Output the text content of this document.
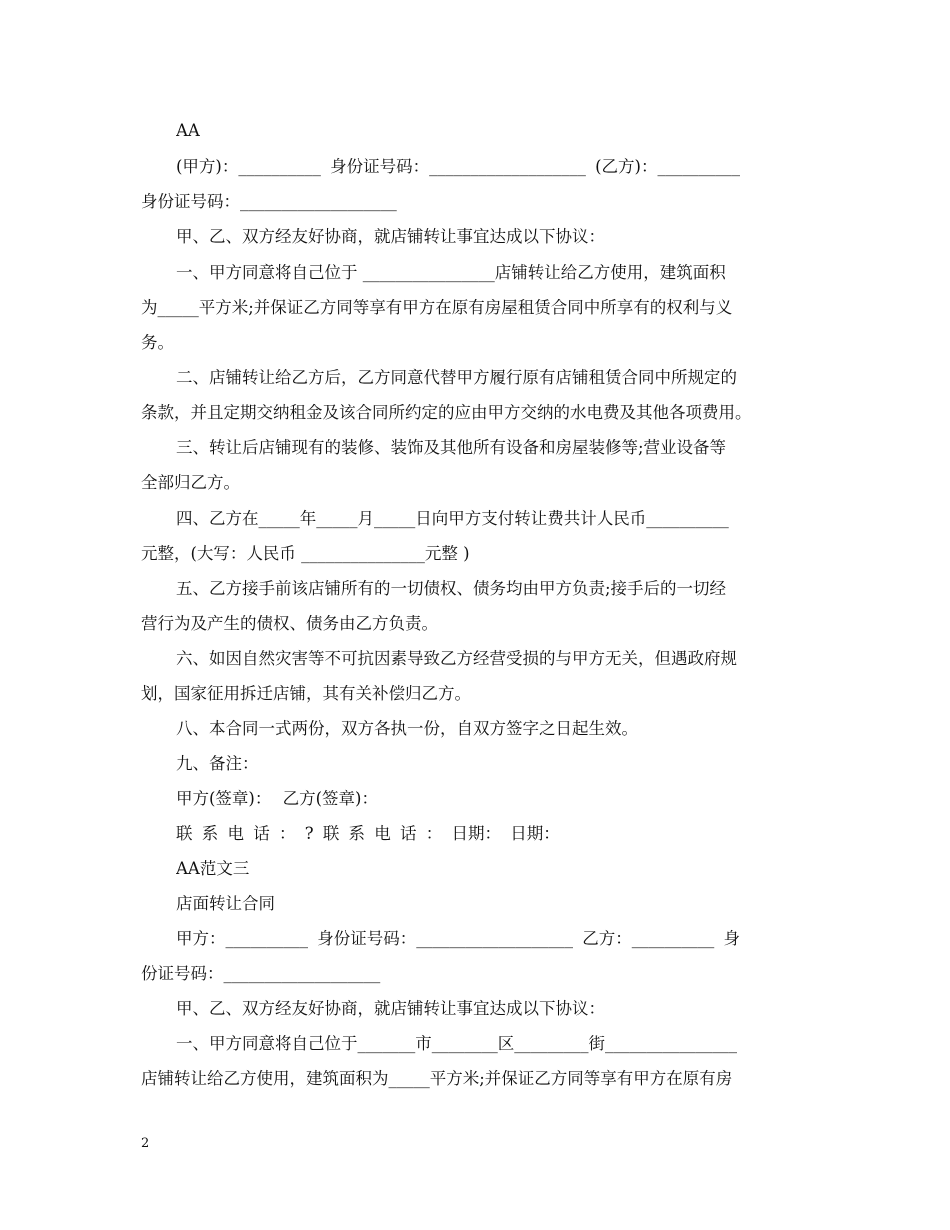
AA
(甲方)：__________ 身份证号码：___________________ (乙方)：__________
身份证号码：___________________
甲、乙、双方经友好协商，就店铺转让事宜达成以下协议：
一、甲方同意将自己位于 ________________店铺转让给乙方使用，建筑面积
为_____平方米;并保证乙方同等享有甲方在原有房屋租赁合同中所享有的权利与义
务。
二、店铺转让给乙方后，乙方同意代替甲方履行原有店铺租赁合同中所规定的
条款，并且定期交纳租金及该合同所约定的应由甲方交纳的水电费及其他各项费用。
三、转让后店铺现有的装修、装饰及其他所有设备和房屋装修等;营业设备等
全部归乙方。
四、乙方在_____年_____月_____日向甲方支付转让费共计人民币__________
元整，(大写：人民币 _______________元整 )
五、乙方接手前该店铺所有的一切债权、债务均由甲方负责;接手后的一切经
营行为及产生的债权、债务由乙方负责。
六、如因自然灾害等不可抗因素导致乙方经营受损的与甲方无关，但遇政府规
划，国家征用拆迁店铺，其有关补偿归乙方。
八、本合同一式两份，双方各执一份，自双方签字之日起生效。
九、备注：
甲方(签章)： 乙方(签章)：
联 系 电 话 ： ? 联 系 电 话 ： 日期： 日期：
AA范文三
店面转让合同
甲方：__________ 身份证号码：___________________ 乙方：__________ 身
份证号码：___________________
甲、乙、双方经友好协商，就店铺转让事宜达成以下协议：
一、甲方同意将自己位于_______市________区_________街________________
店铺转让给乙方使用，建筑面积为_____平方米;并保证乙方同等享有甲方在原有房
2
